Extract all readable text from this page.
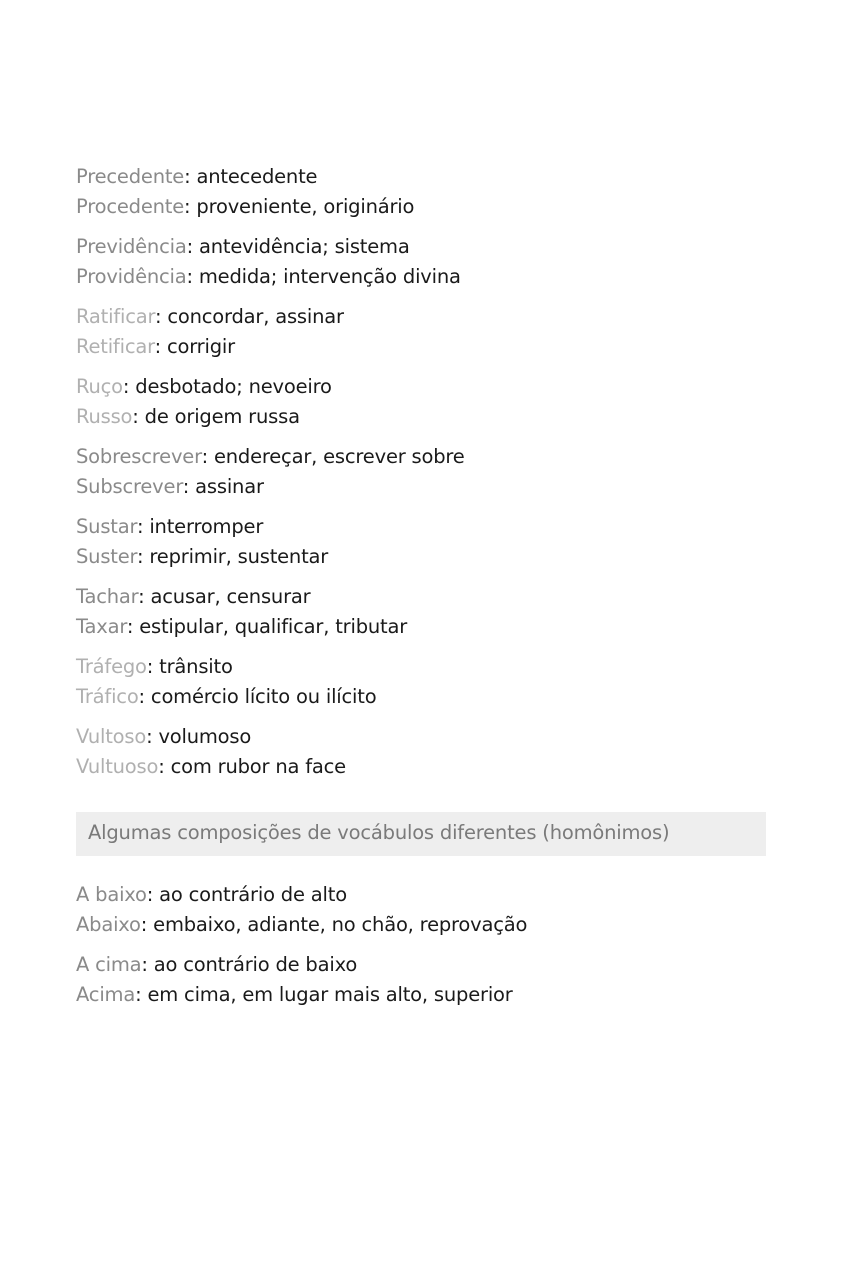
Precedente: antecedente
Procedente: proveniente, originário
Previdência: antevidência; sistema
Providência: medida; intervenção divina
Ratificar: concordar, assinar
Retificar: corrigir
Ruço: desbotado; nevoeiro
Russo: de origem russa
Sobrescrever: endereçar, escrever sobre
Subscrever: assinar
Sustar: interromper
Suster: reprimir, sustentar
Tachar: acusar, censurar
Taxar: estipular, qualificar, tributar
Tráfego: trânsito
Tráfico: comércio lícito ou ilícito
Vultoso: volumoso
Vultuoso: com rubor na face
Algumas composições de vocábulos diferentes (homônimos)
A baixo: ao contrário de alto
Abaixo: embaixo, adiante, no chão, reprovação
A cima: ao contrário de baixo
Acima: em cima, em lugar mais alto, superior
